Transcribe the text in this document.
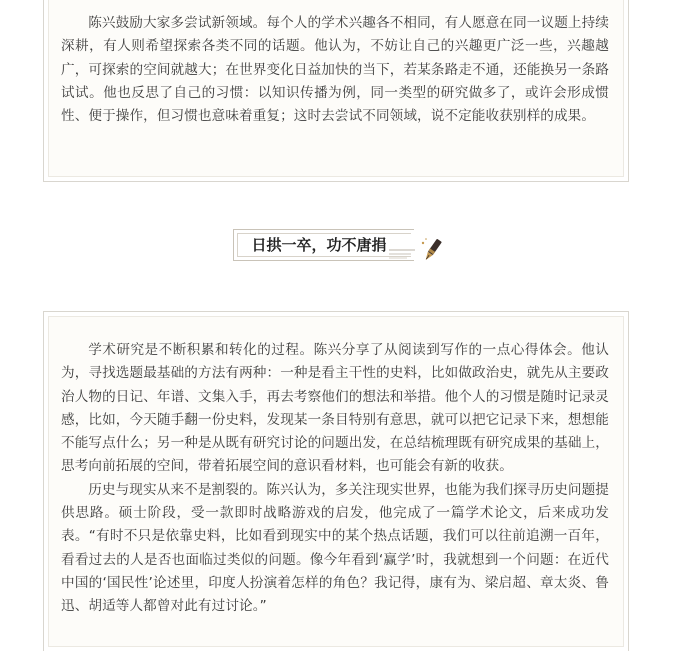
陈兴鼓励大家多尝试新领域。每个人的学术兴趣各不相同，有人愿意在同一议题上持续深耕，有人则希望探索各类不同的话题。他认为，不妨让自己的兴趣更广泛一些，兴趣越广，可探索的空间就越大；在世界变化日益加快的当下，若某条路走不通，还能换另一条路试试。他也反思了自己的习惯：以知识传播为例，同一类型的研究做多了，或许会形成惯性、便于操作，但习惯也意味着重复；这时去尝试不同领域，说不定能收获别样的成果。

日拱一卒，功不唐捐

学术研究是不断积累和转化的过程。陈兴分享了从阅读到写作的一点心得体会。他认为，寻找选题最基础的方法有两种：一种是看主干性的史料，比如做政治史，就先从主要政治人物的日记、年谱、文集入手，再去考察他们的想法和举措。他个人的习惯是随时记录灵感，比如，今天随手翻一份史料，发现某一条目特别有意思，就可以把它记录下来，想想能不能写点什么；另一种是从既有研究讨论的问题出发，在总结梳理既有研究成果的基础上，思考向前拓展的空间，带着拓展空间的意识看材料，也可能会有新的收获。

历史与现实从来不是割裂的。陈兴认为，多关注现实世界，也能为我们探寻历史问题提供思路。硕士阶段，受一款即时战略游戏的启发，他完成了一篇学术论文，后来成功发表。“有时不只是依靠史料，比如看到现实中的某个热点话题，我们可以往前追溯一百年，看看过去的人是否也面临过类似的问题。像今年看到‘赢学’时，我就想到一个问题：在近代中国的‘国民性’论述里，印度人扮演着怎样的角色？我记得，康有为、梁启超、章太炎、鲁迅、胡适等人都曾对此有过讨论。”
